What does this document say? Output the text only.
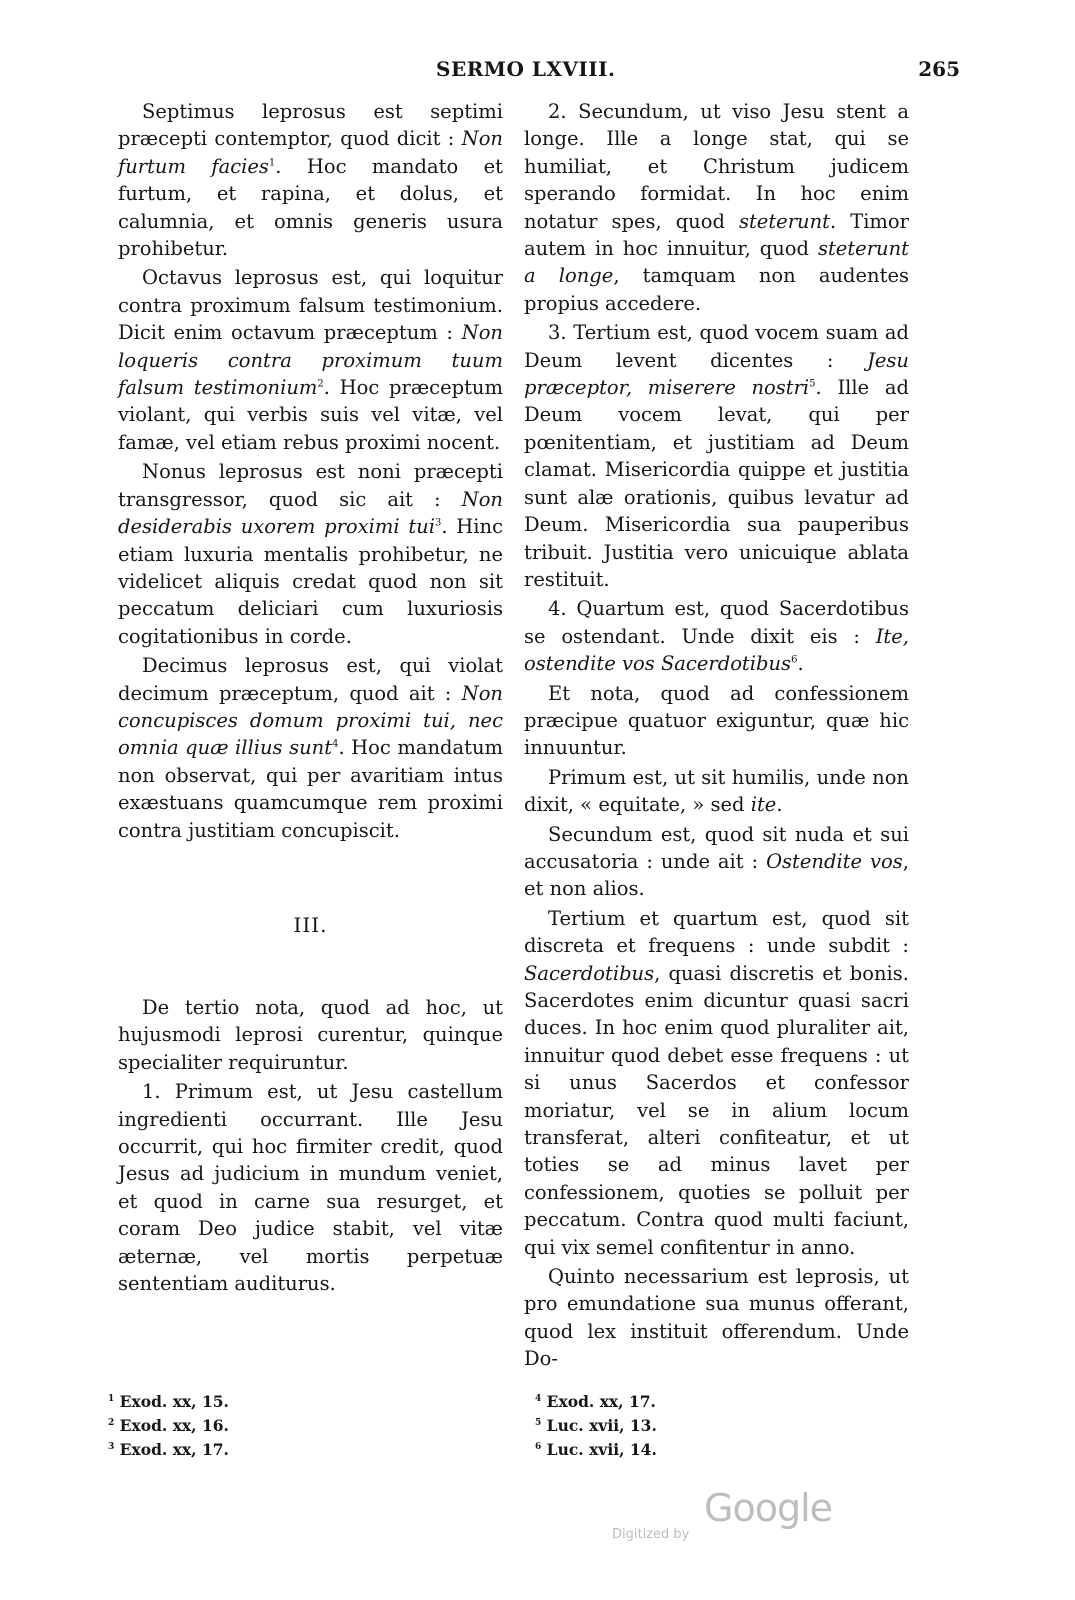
SERMO LXVIII.	265

Septimus leprosus est septimi præcepti contemptor, quod dicit : Non furtum facies$^1$. Hoc mandato et furtum, et rapina, et dolus, et calumnia, et omnis generis usura prohibetur.

Octavus leprosus est, qui loquitur contra proximum falsum testimonium. Dicit enim octavum præceptum : Non loqueris contra proximum tuum falsum testimonium$^2$. Hoc præceptum violant, qui verbis suis vel vitæ, vel famæ, vel etiam rebus proximi nocent.

Nonus leprosus est noni præcepti transgressor, quod sic ait : Non desiderabis uxorem proximi tui$^3$. Hinc etiam luxuria mentalis prohibetur, ne videlicet aliquis credat quod non sit peccatum deliciari cum luxuriosis cogitationibus in corde.

Decimus leprosus est, qui violat decimum præceptum, quod ait : Non concupisces domum proximi tui, nec omnia quæ illius sunt$^4$. Hoc mandatum non observat, qui per avaritiam intus exæstuans quamcumque rem proximi contra justitiam concupiscit.

III.

De tertio nota, quod ad hoc, ut hujusmodi leprosi curentur, quinque specialiter requiruntur.

1. Primum est, ut Jesu castellum ingredienti occurrant. Ille Jesu occurrit, qui hoc firmiter credit, quod Jesus ad judicium in mundum veniet, et quod in carne sua resurget, et coram Deo judice stabit, vel vitæ æternæ, vel mortis perpetuæ sententiam auditurus.

2. Secundum, ut viso Jesu stent a longe. Ille a longe stat, qui se humiliat, et Christum judicem sperando formidat. In hoc enim notatur spes, quod steterunt. Timor autem in hoc innuitur, quod steterunt a longe, tamquam non audentes propius accedere.

3. Tertium est, quod vocem suam ad Deum levent dicentes : Jesu præceptor, miserere nostri$^5$. Ille ad Deum vocem levat, qui per pœnitentiam, et justitiam ad Deum clamat. Misericordia quippe et justitia sunt alæ orationis, quibus levatur ad Deum. Misericordia sua pauperibus tribuit. Justitia vero unicuique ablata restituit.

4. Quartum est, quod Sacerdotibus se ostendant. Unde dixit eis : Ite, ostendite vos Sacerdotibus$^6$.

Et nota, quod ad confessionem præcipue quatuor exiguntur, quæ hic innuuntur.

Primum est, ut sit humilis, unde non dixit, « equitate, » sed ite.

Secundum est, quod sit nuda et sui accusatoria : unde ait : Ostendite vos, et non alios.

Tertium et quartum est, quod sit discreta et frequens : unde subdit : Sacerdotibus, quasi discretis et bonis. Sacerdotes enim dicuntur quasi sacri duces. In hoc enim quod pluraliter ait, innuitur quod debet esse frequens : ut si unus Sacerdos et confessor moriatur, vel se in alium locum transferat, alteri confiteatur, et ut toties se ad minus lavet per confessionem, quoties se polluit per peccatum. Contra quod multi faciunt, qui vix semel confitentur in anno.

Quinto necessarium est leprosis, ut pro emundatione sua munus offerant, quod lex instituit offerendum. Unde Do-

$^1$ Exod. xx, 15.
$^2$ Exod. xx, 16.
$^3$ Exod. xx, 17.
$^4$ Exod. xx, 17.
$^5$ Luc. xvii, 13.
$^6$ Luc. xvii, 14.
Digitized by
Google
